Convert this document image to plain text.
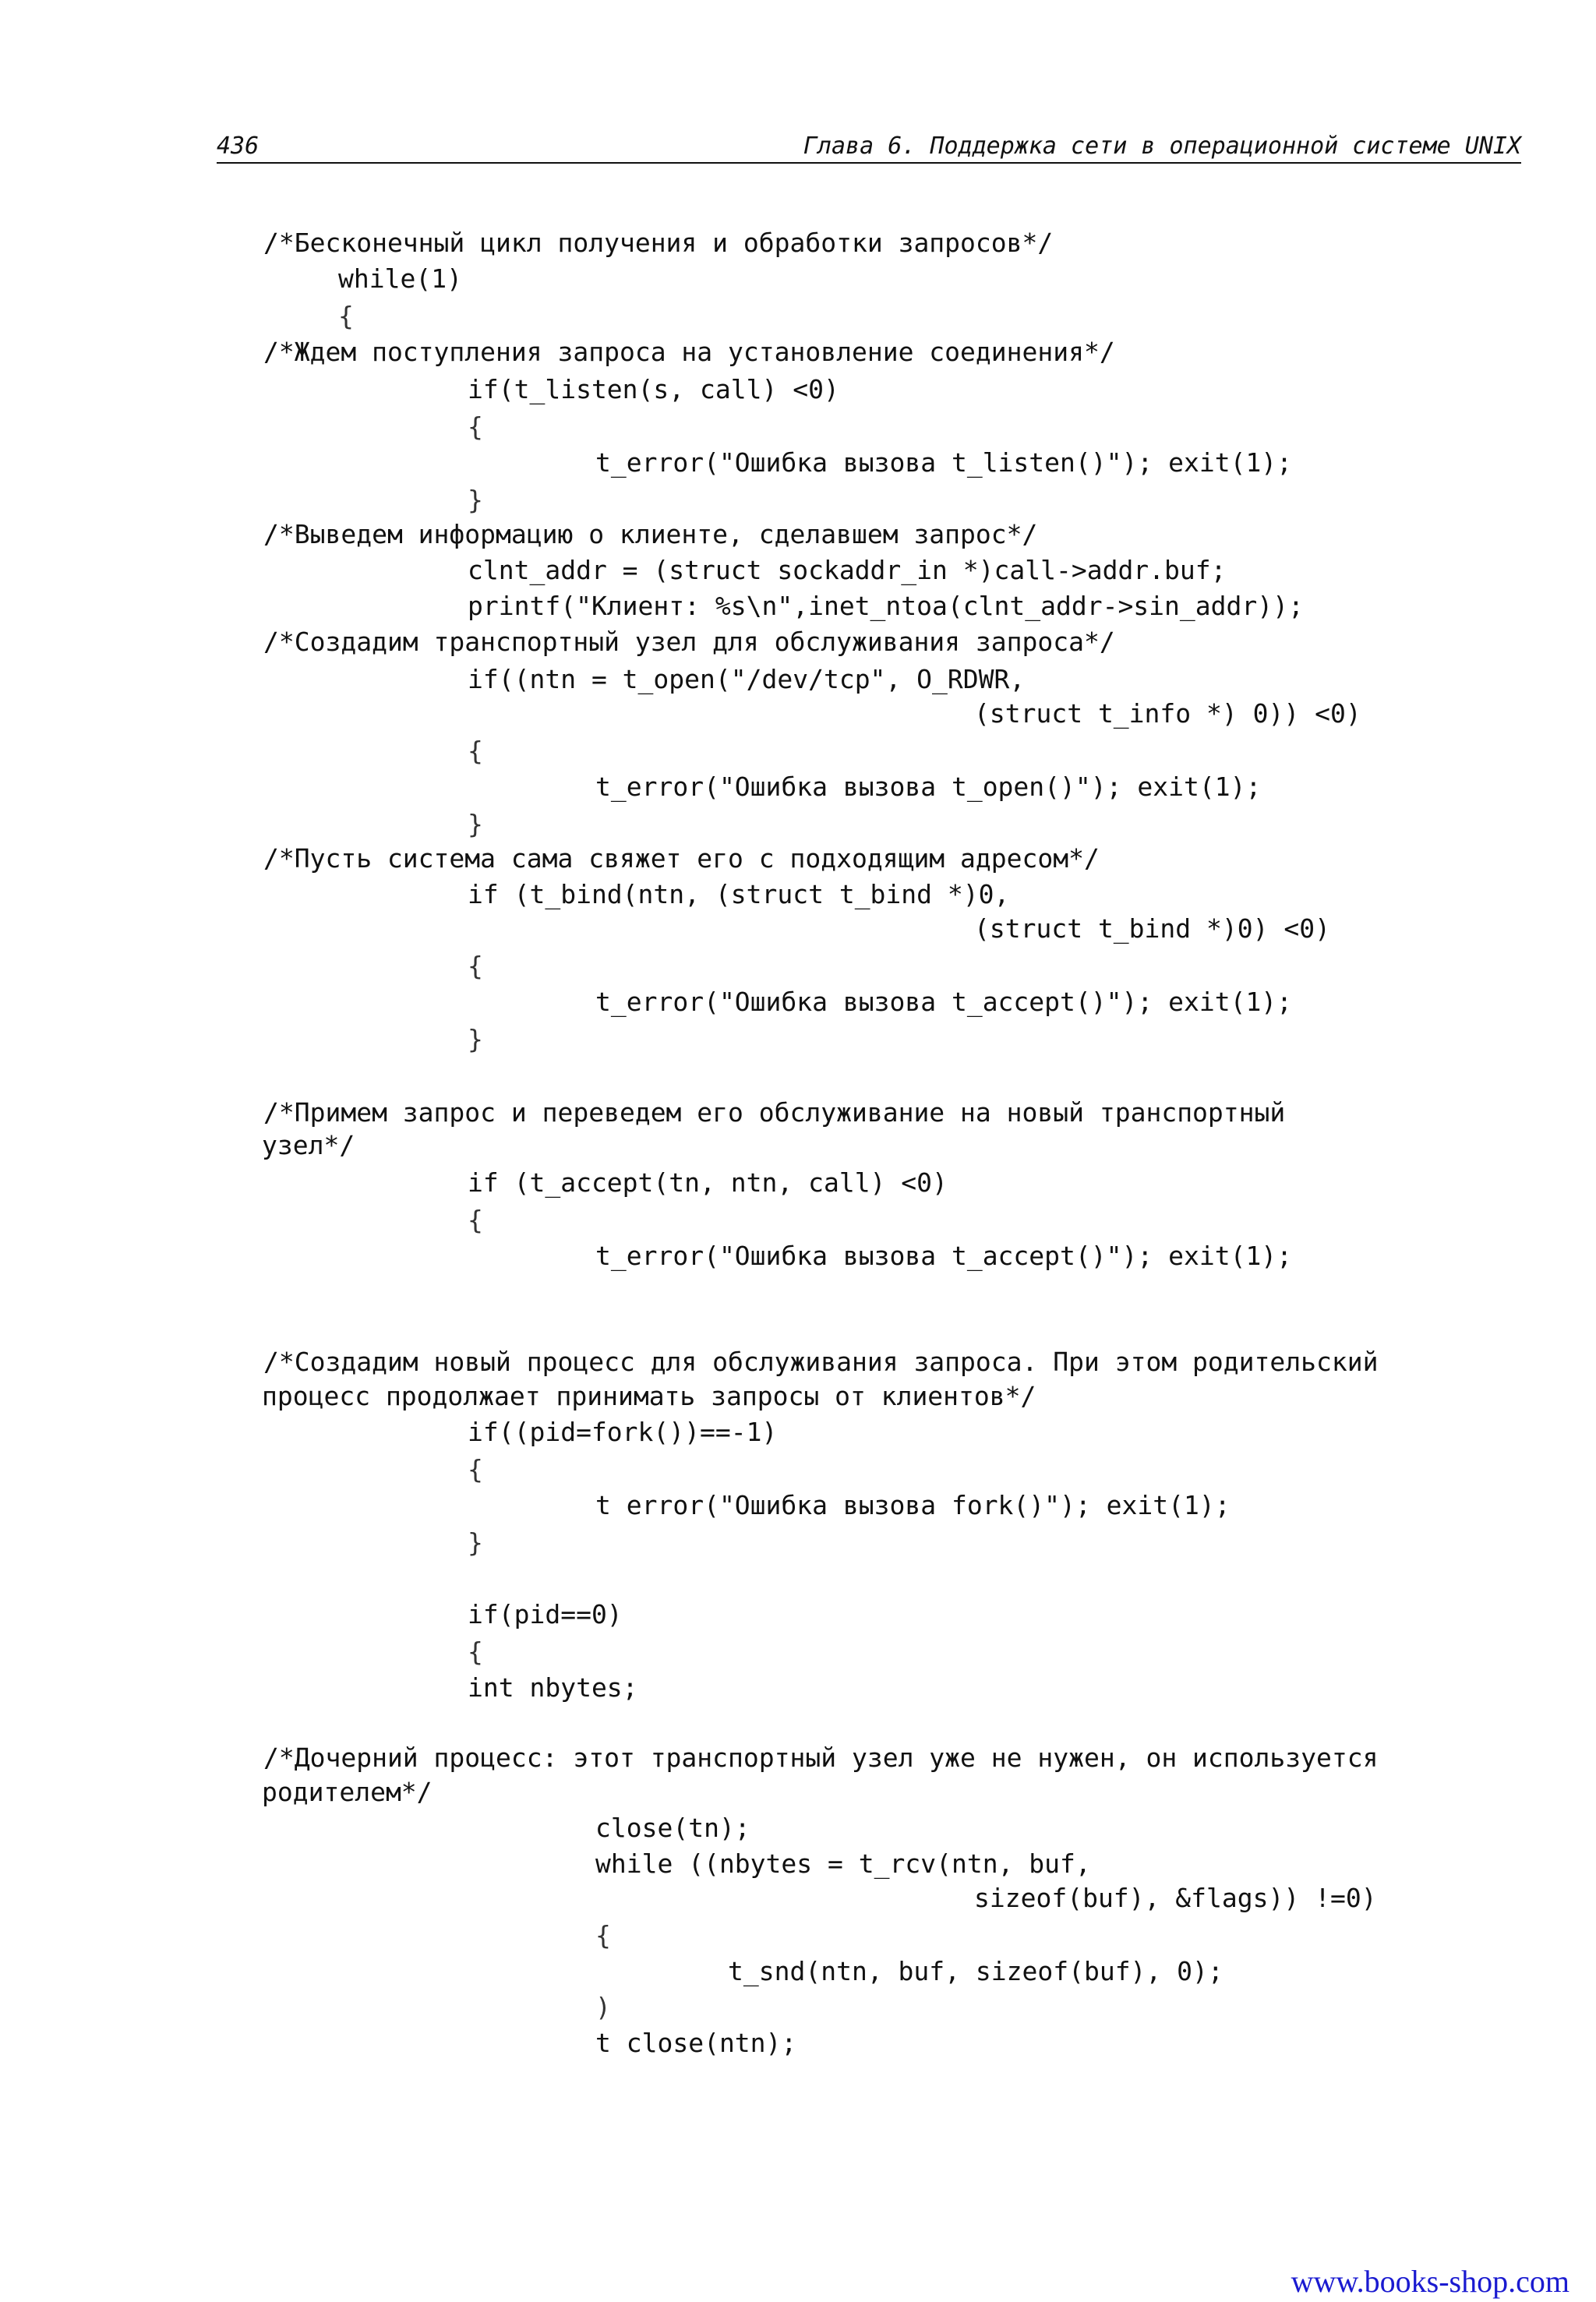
436	Глава 6. Поддержка сети в операционной системе UNIX
/*Бесконечный цикл получения и обработки запросов*/
while(1)
{
/*Ждем поступления запроса на установление соединения*/
if(t_listen(s, call) <0)
{
t_error("Ошибка вызова t_listen()"); exit(1);
}
/*Выведем информацию о клиенте, сделавшем запрос*/
clnt_addr = (struct sockaddr_in *)call->addr.buf;
printf("Клиент: %s\n",inet_ntoa(clnt_addr->sin_addr));
/*Создадим транспортный узел для обслуживания запроса*/
if((ntn = t_open("/dev/tcp", O_RDWR,
(struct t_info *) 0)) <0)
{
t_error("Ошибка вызова t_open()"); exit(1);
}
/*Пусть система сама свяжет его с подходящим адресом*/
if (t_bind(ntn, (struct t_bind *)0,
(struct t_bind *)0) <0)
{
t_error("Ошибка вызова t_accept()"); exit(1);
}
/*Примем запрос и переведем его обслуживание на новый транспортный
узел*/
if (t_accept(tn, ntn, call) <0)
{
t_error("Ошибка вызова t_accept()"); exit(1);
/*Создадим новый процесс для обслуживания запроса. При этом родительский
процесс продолжает принимать запросы от клиентов*/
if((pid=fork())==-1)
{
t error("Ошибка вызова fork()"); exit(1);
}
if(pid==0)
{
int nbytes;
/*Дочерний процесс: этот транспортный узел уже не нужен, он используется
родителем*/
close(tn);
while ((nbytes = t_rcv(ntn, buf,
sizeof(buf), &flags)) !=0)
{
t_snd(ntn, buf, sizeof(buf), 0);
)
t close(ntn);
www.books-shop.com
